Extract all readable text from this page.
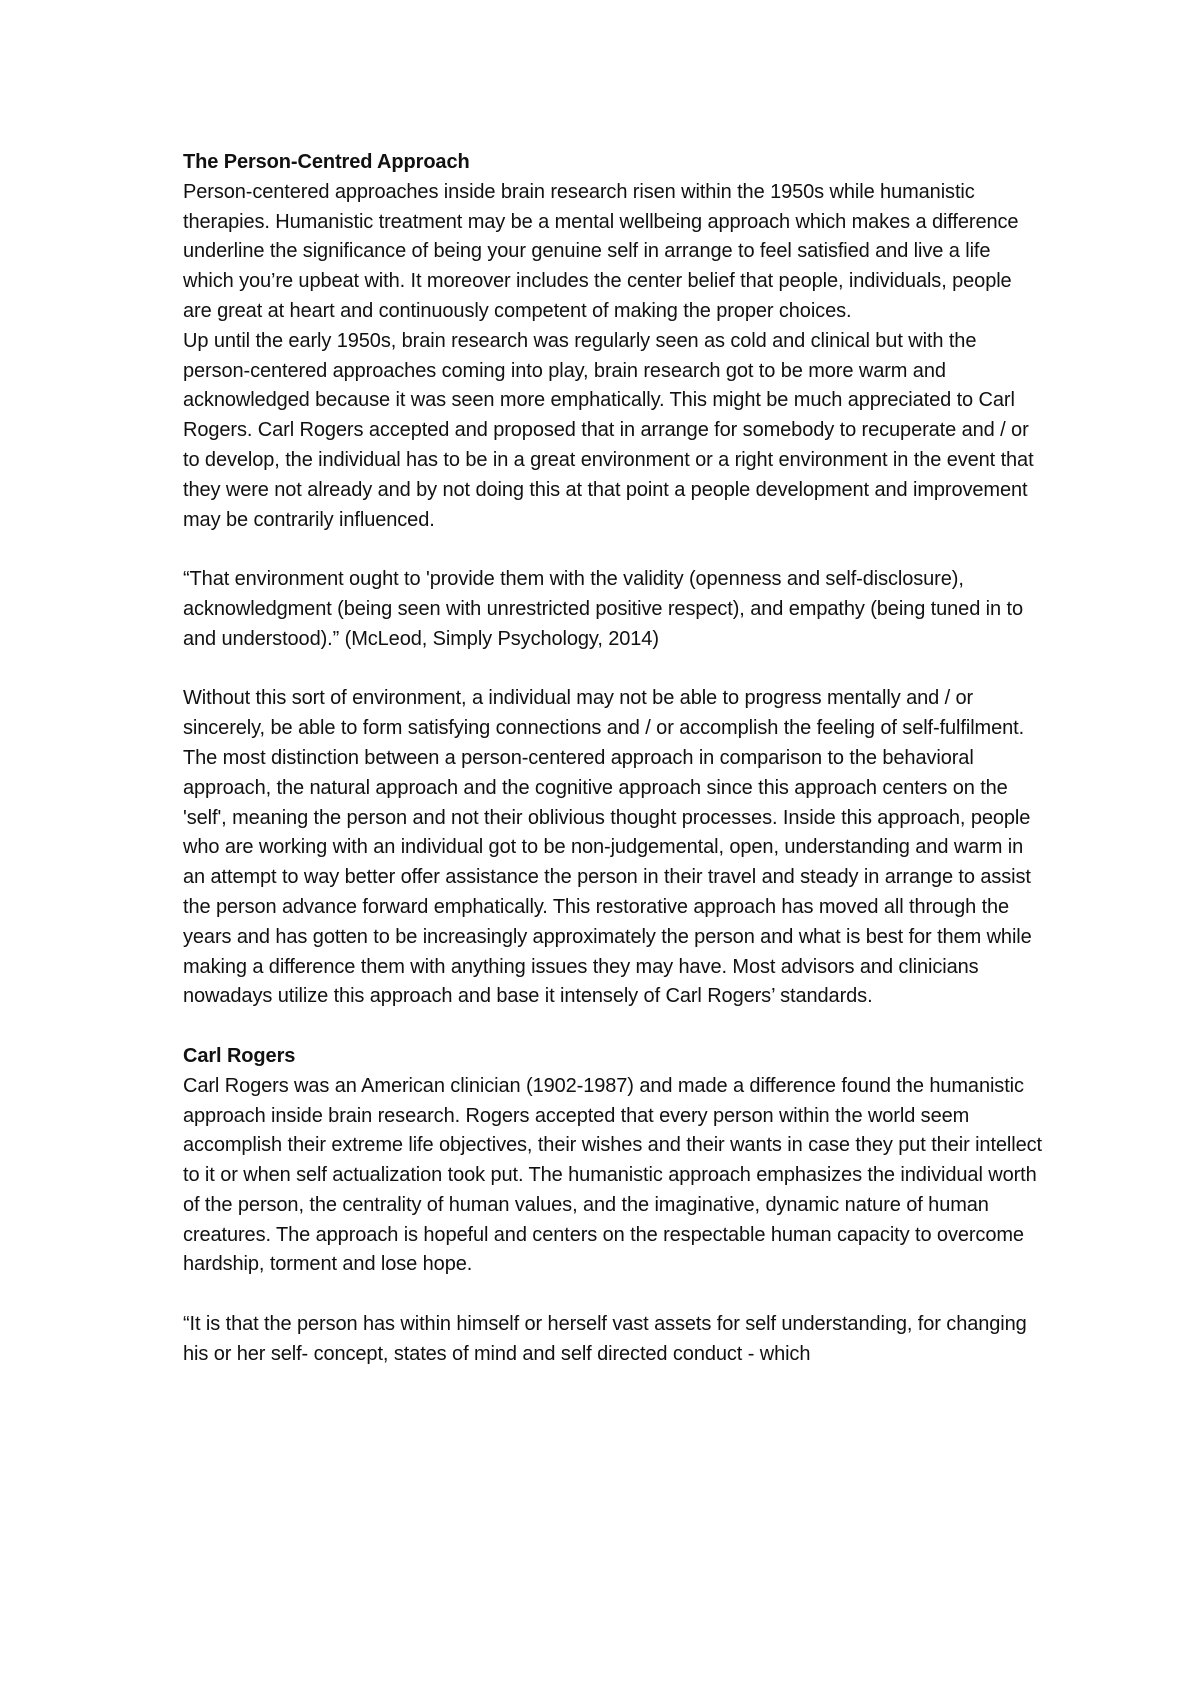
The Person-Centred Approach

Person-centered approaches inside brain research risen within the 1950s while humanistic therapies. Humanistic treatment may be a mental wellbeing approach which makes a difference underline the significance of being your genuine self in arrange to feel satisfied and live a life which you’re upbeat with. It moreover includes the center belief that people, individuals, people are great at heart and continuously competent of making the proper choices.

Up until the early 1950s, brain research was regularly seen as cold and clinical but with the person-centered approaches coming into play, brain research got to be more warm and acknowledged because it was seen more emphatically. This might be much appreciated to Carl Rogers. Carl Rogers accepted and proposed that in arrange for somebody to recuperate and / or to develop, the individual has to be in a great environment or a right environment in the event that they were not already and by not doing this at that point a people development and improvement may be contrarily influenced.

“That environment ought to 'provide them with the validity (openness and self-disclosure), acknowledgment (being seen with unrestricted positive respect), and empathy (being tuned in to and understood).” (McLeod, Simply Psychology, 2014)

Without this sort of environment, a individual may not be able to progress mentally and / or sincerely, be able to form satisfying connections and / or accomplish the feeling of self-fulfilment. The most distinction between a person-centered approach in comparison to the behavioral approach, the natural approach and the cognitive approach since this approach centers on the 'self', meaning the person and not their oblivious thought processes. Inside this approach, people who are working with an individual got to be non-judgemental, open, understanding and warm in an attempt to way better offer assistance the person in their travel and steady in arrange to assist the person advance forward emphatically. This restorative approach has moved all through the years and has gotten to be increasingly approximately the person and what is best for them while making a difference them with anything issues they may have. Most advisors and clinicians nowadays utilize this approach and base it intensely of Carl Rogers’ standards.

Carl Rogers

Carl Rogers was an American clinician (1902-1987) and made a difference found the humanistic approach inside brain research. Rogers accepted that every person within the world seem accomplish their extreme life objectives, their wishes and their wants in case they put their intellect to it or when self actualization took put. The humanistic approach emphasizes the individual worth of the person, the centrality of human values, and the imaginative, dynamic nature of human creatures. The approach is hopeful and centers on the respectable human capacity to overcome hardship, torment and lose hope.

“It is that the person has within himself or herself vast assets for self understanding, for changing his or her self- concept, states of mind and self directed conduct - which
